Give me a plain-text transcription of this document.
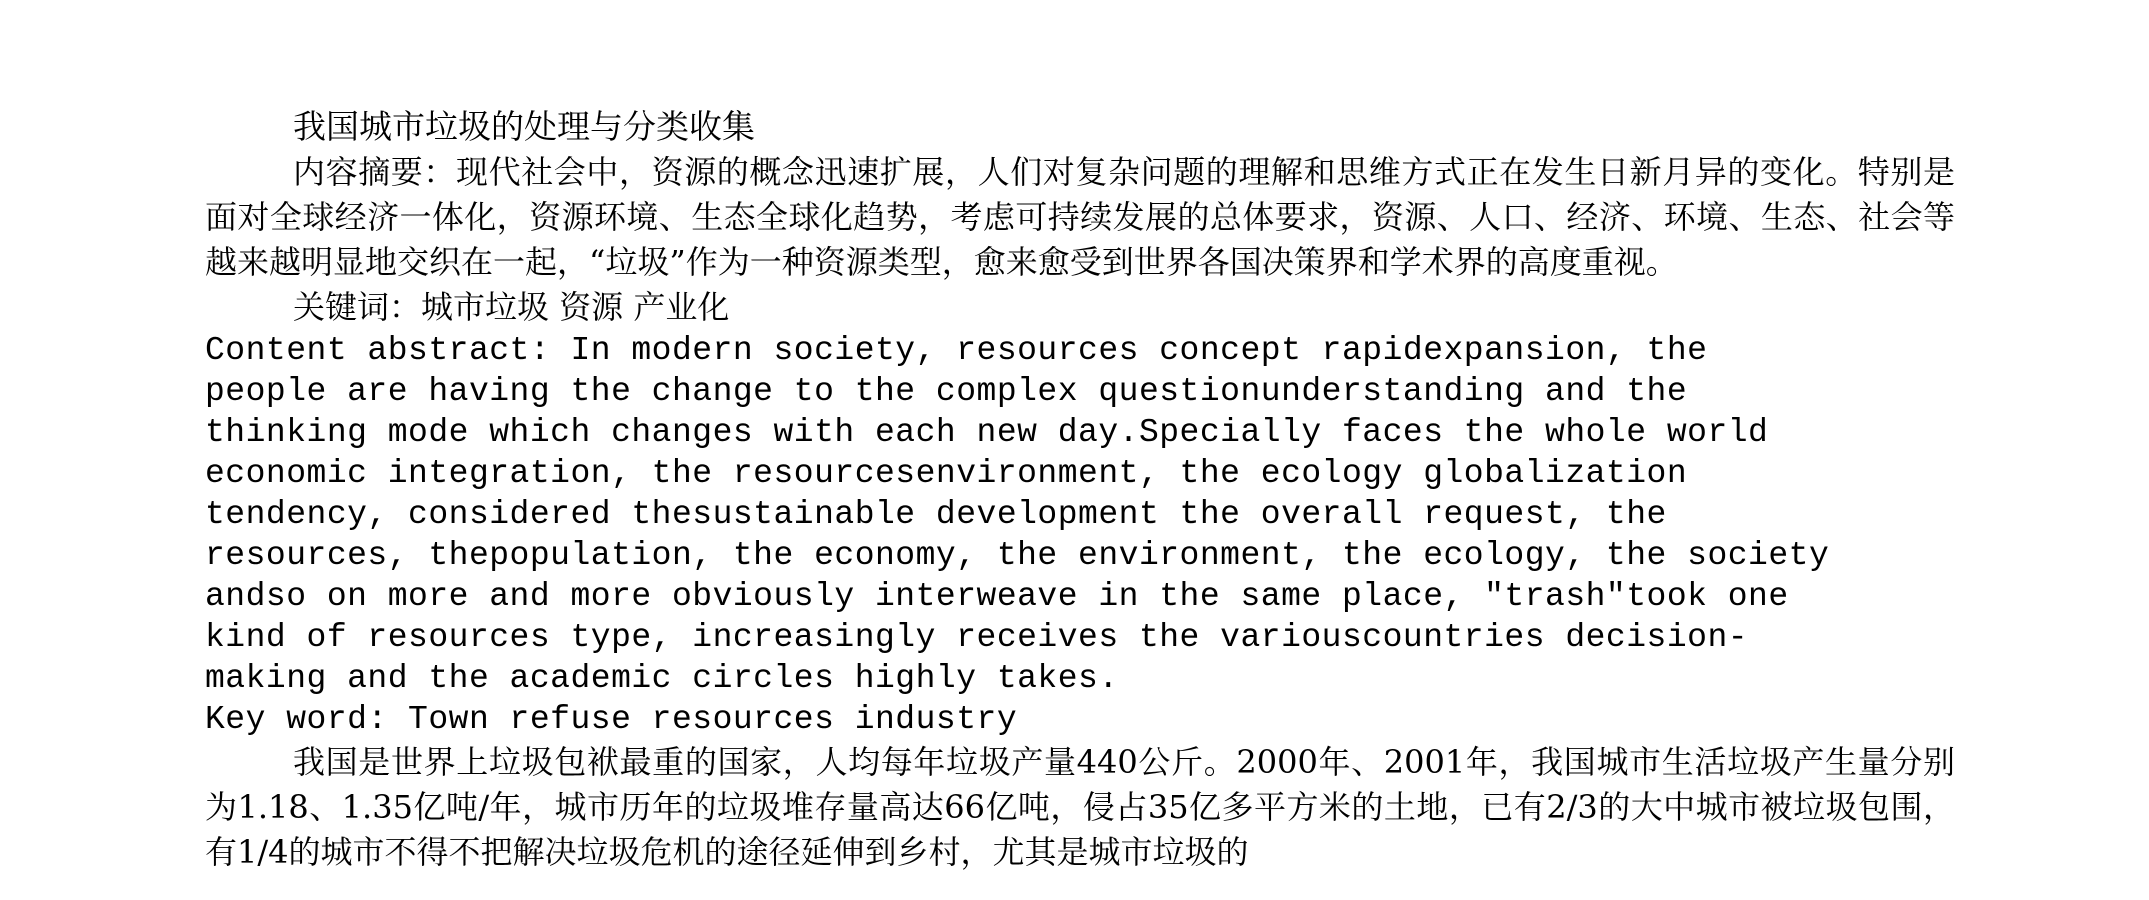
我国城市垃圾的处理与分类收集

内容摘要：现代社会中，资源的概念迅速扩展，人们对复杂问题的理解和思维方式正在发生日新月异的变化。特别是面对全球经济一体化，资源环境、生态全球化趋势，考虑可持续发展的总体要求，资源、人口、经济、环境、生态、社会等越来越明显地交织在一起，“垃圾”作为一种资源类型，愈来愈受到世界各国决策界和学术界的高度重视。

关键词：城市垃圾 资源 产业化

Content abstract: In modern society, resources concept rapidexpansion, the

people are having the change to the complex questionunderstanding and the

thinking mode which changes with each new day.Specially faces the whole world

economic integration, the resourcesenvironment, the ecology globalization

tendency, considered thesustainable development the overall request, the

resources, thepopulation, the economy, the environment, the ecology, the society

andso on more and more obviously interweave in the same place, "trash"took one

kind of resources type, increasingly receives the variouscountries decision-

making and the academic circles highly takes.

Key word: Town refuse resources industry

我国是世界上垃圾包袱最重的国家，人均每年垃圾产量440公斤。2000年、2001年，我国城市生活垃圾产生量分别为1.18、1.35亿吨/年，城市历年的垃圾堆存量高达66亿吨，侵占35亿多平方米的土地，已有2/3的大中城市被垃圾包围，有1/4的城市不得不把解决垃圾危机的途径延伸到乡村，尤其是城市垃圾的
